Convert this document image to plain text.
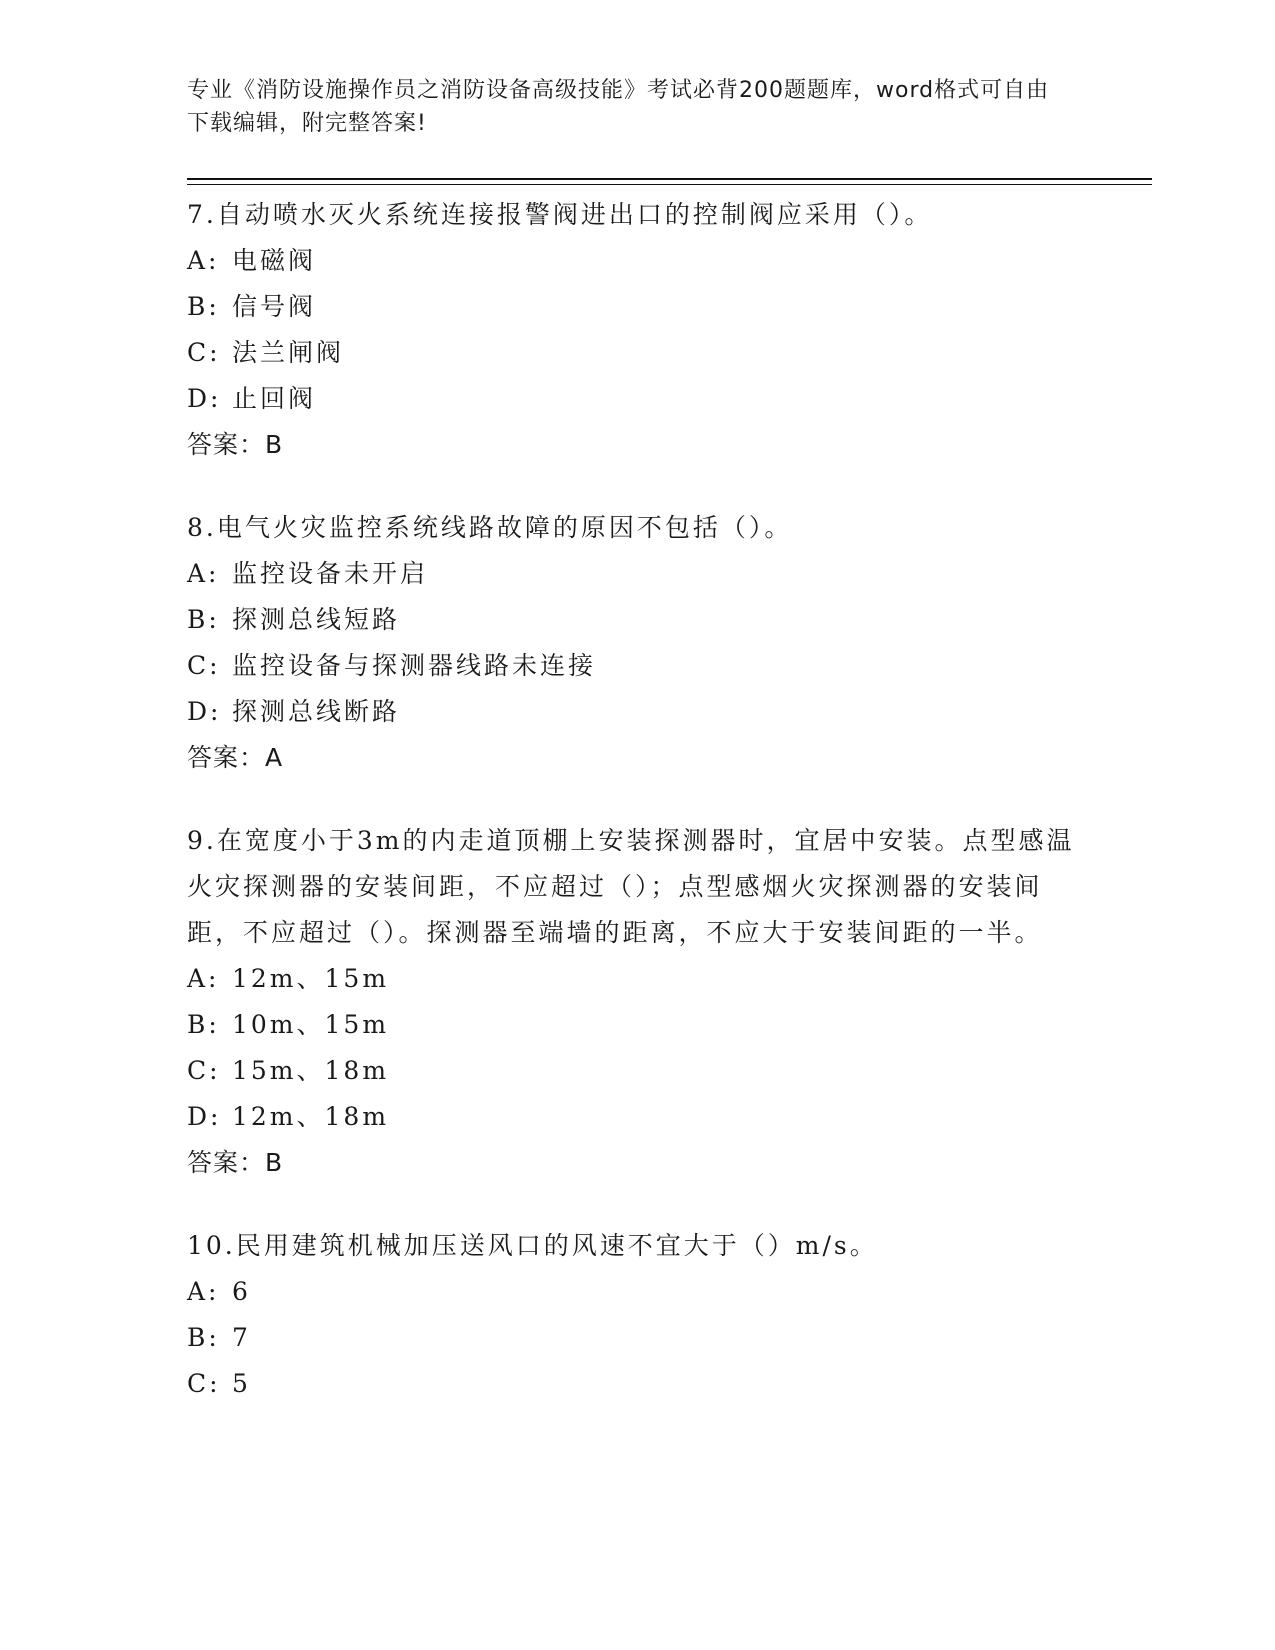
专业《消防设施操作员之消防设备高级技能》考试必背200题题库，word格式可自由下载编辑，附完整答案!

7.自动喷水灭火系统连接报警阀进出口的控制阀应采用（）。

A: 电磁阀

B: 信号阀

C: 法兰闸阀

D: 止回阀

答案：B

8.电气火灾监控系统线路故障的原因不包括（）。

A: 监控设备未开启

B: 探测总线短路

C: 监控设备与探测器线路未连接

D: 探测总线断路

答案：A

9.在宽度小于3m的内走道顶棚上安装探测器时，宜居中安装。点型感温火灾探测器的安装间距，不应超过（）；点型感烟火灾探测器的安装间距，不应超过（）。探测器至端墙的距离，不应大于安装间距的一半。

A: 12m、15m

B: 10m、15m

C: 15m、18m

D: 12m、18m

答案：B

10.民用建筑机械加压送风口的风速不宜大于（）m/s。

A: 6

B: 7

C: 5
